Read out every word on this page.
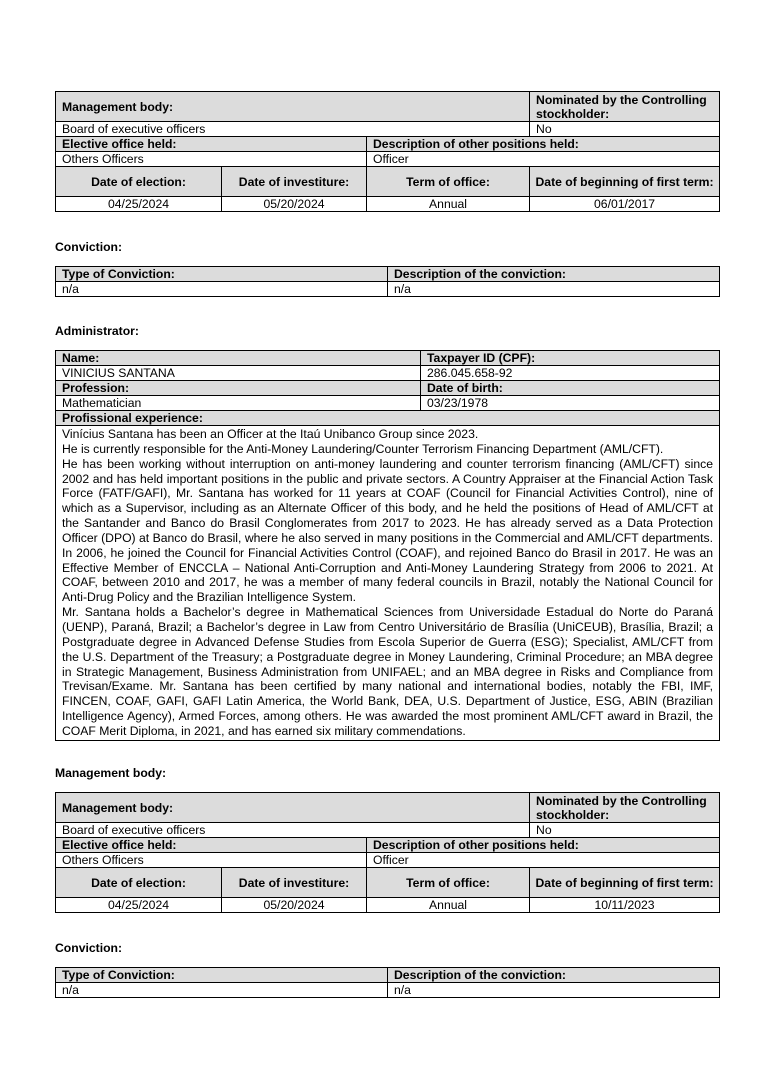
Management body:			Nominated by the Controlling stockholder:
Board of executive officers			No
Elective office held:		Description of other positions held:	
Others Officers		Officer	
Date of election:	Date of investiture:	Term of office:	Date of beginning of first term:
04/25/2024	05/20/2024	Annual	06/01/2017
Conviction:
Type of Conviction:	Description of the conviction:
n/a	n/a
Administrator:
Name:	Taxpayer ID (CPF):
VINICIUS SANTANA	286.045.658-92
Profession:	Date of birth:
Mathematician	03/23/1978
Profissional experience:	

Vinícius Santana has been an Officer at the Itaú Unibanco Group since 2023.

He is currently responsible for the Anti-Money Laundering/Counter Terrorism Financing Department (AML/CFT).

He has been working without interruption on anti-money laundering and counter terrorism financing (AML/CFT) since 2002 and has held important positions in the public and private sectors. A Country Appraiser at the Financial Action Task Force (FATF/GAFI), Mr. Santana has worked for 11 years at COAF (Council for Financial Activities Control), nine of which as a Supervisor, including as an Alternate Officer of this body, and he held the positions of Head of AML/CFT at the Santander and Banco do Brasil Conglomerates from 2017 to 2023. He has already served as a Data Protection Officer (DPO) at Banco do Brasil, where he also served in many positions in the Commercial and AML/CFT departments. In 2006, he joined the Council for Financial Activities Control (COAF), and rejoined Banco do Brasil in 2017. He was an Effective Member of ENCCLA – National Anti-Corruption and Anti-Money Laundering Strategy from 2006 to 2021. At COAF, between 2010 and 2017, he was a member of many federal councils in Brazil, notably the National Council for Anti-Drug Policy and the Brazilian Intelligence System.

Mr. Santana holds a Bachelor’s degree in Mathematical Sciences from Universidade Estadual do Norte do Paraná (UENP), Paraná, Brazil; a Bachelor’s degree in Law from Centro Universitário de Brasília (UniCEUB), Brasília, Brazil; a Postgraduate degree in Advanced Defense Studies from Escola Superior de Guerra (ESG); Specialist, AML/CFT from the U.S. Department of the Treasury; a Postgraduate degree in Money Laundering, Criminal Procedure; an MBA degree in Strategic Management, Business Administration from UNIFAEL; and an MBA degree in Risks and Compliance from Trevisan/Exame. Mr. Santana has been certified by many national and international bodies, notably the FBI, IMF, FINCEN, COAF, GAFI, GAFI Latin America, the World Bank, DEA, U.S. Department of Justice, ESG, ABIN (Brazilian Intelligence Agency), Armed Forces, among others. He was awarded the most prominent AML/CFT award in Brazil, the COAF Merit Diploma, in 2021, and has earned six military commendations.	

Management body:
Management body:			Nominated by the Controlling stockholder:
Board of executive officers			No
Elective office held:		Description of other positions held:	
Others Officers		Officer	
Date of election:	Date of investiture:	Term of office:	Date of beginning of first term:
04/25/2024	05/20/2024	Annual	10/11/2023
Conviction:
Type of Conviction:	Description of the conviction:
n/a	n/a
